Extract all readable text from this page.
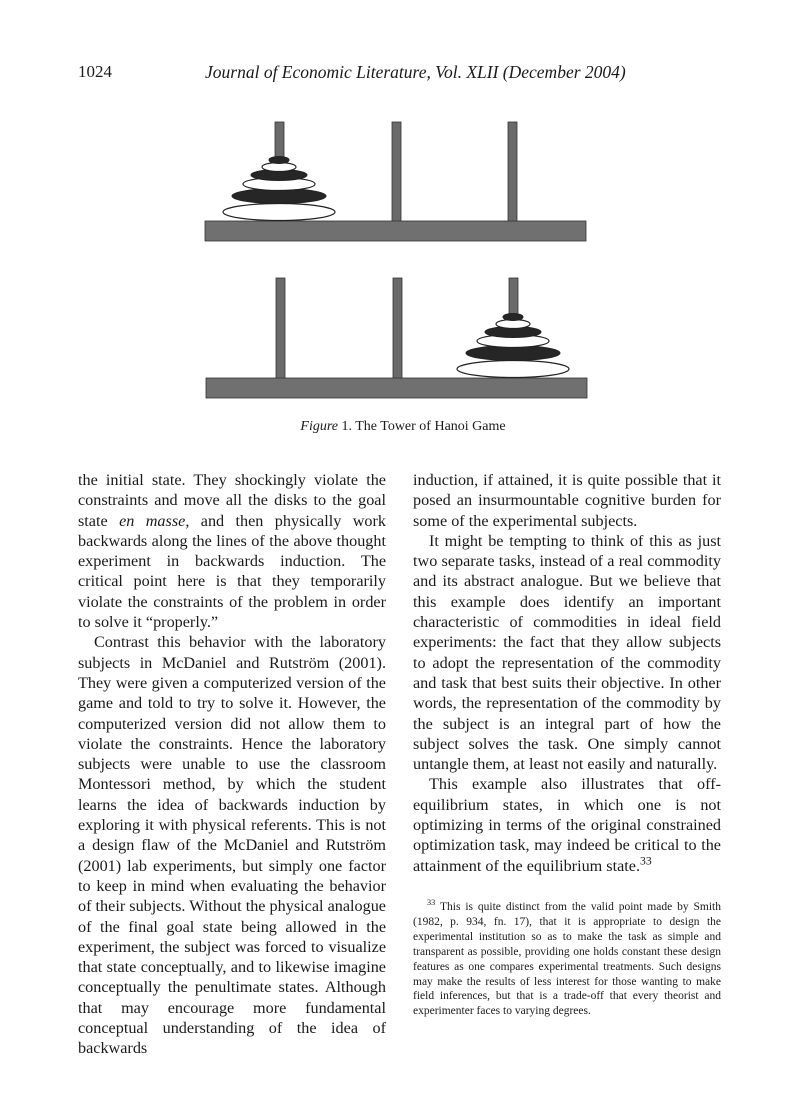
1024	Journal of Economic Literature, Vol. XLII (December 2004)
Figure 1. The Tower of Hanoi Game

the initial state. They shockingly violate the constraints and move all the disks to the goal state en masse, and then physically work backwards along the lines of the above thought experiment in backwards induction. The critical point here is that they temporarily violate the constraints of the problem in order to solve it “properly.”

Contrast this behavior with the laboratory subjects in McDaniel and Rutström (2001). They were given a computerized version of the game and told to try to solve it. However, the computerized version did not allow them to violate the constraints. Hence the laboratory subjects were unable to use the classroom Montessori method, by which the student learns the idea of backwards induction by exploring it with physical referents. This is not a design flaw of the McDaniel and Rutström (2001) lab experiments, but simply one factor to keep in mind when evaluating the behavior of their subjects. Without the physical analogue of the final goal state being allowed in the experiment, the subject was forced to visualize that state conceptually, and to likewise imagine conceptually the penultimate states. Although that may encourage more fundamental conceptual understanding of the idea of backwards

induction, if attained, it is quite possible that it posed an insurmountable cognitive burden for some of the experimental subjects.

It might be tempting to think of this as just two separate tasks, instead of a real commodity and its abstract analogue. But we believe that this example does identify an important characteristic of commodities in ideal field experiments: the fact that they allow subjects to adopt the representation of the commodity and task that best suits their objective. In other words, the representation of the commodity by the subject is an integral part of how the subject solves the task. One simply cannot untangle them, at least not easily and naturally.

This example also illustrates that off-equilibrium states, in which one is not optimizing in terms of the original constrained optimization task, may indeed be critical to the attainment of the equilibrium state.$^{33}$

$^{33}$ This is quite distinct from the valid point made by Smith (1982, p. 934, fn. 17), that it is appropriate to design the experimental institution so as to make the task as simple and transparent as possible, providing one holds constant these design features as one compares experimental treatments. Such designs may make the results of less interest for those wanting to make field inferences, but that is a trade-off that every theorist and experimenter faces to varying degrees.
